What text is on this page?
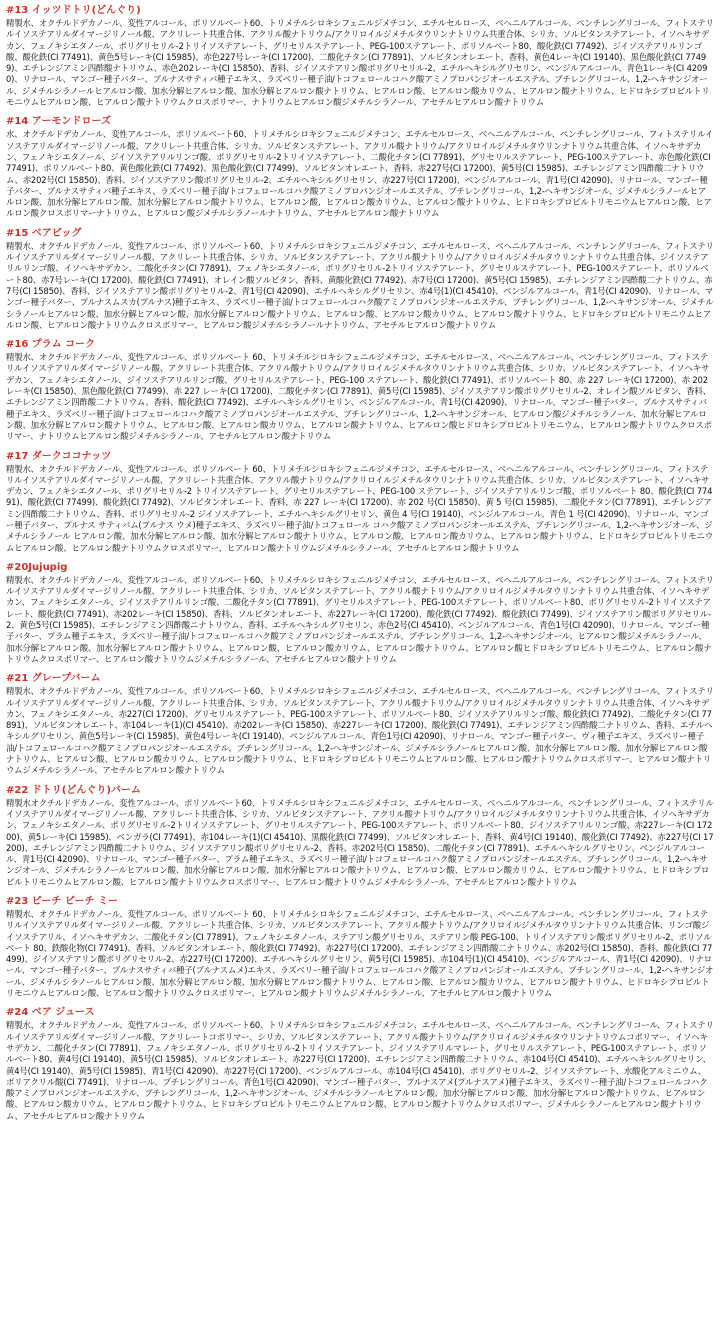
#13 イッツドトリ(どんぐり)

精製水、オクチルドデカノール、変性アルコール、ポリソルベート60、トリメチルシロキシフェニルジメチコン、エチルセルロース、ベヘニルアルコール、ペンチレングリコール、フィトステリルイソステアリルダイマージリノール酸、アクリレート共重合体、アクリル酸ナトリウム/アクリロイルジメチルタウリンナトリウム共重合体、シリカ、ソルビタンステアレート、イソヘキサデカン、フェノキシエタノール、ポリグリセリル-2トリイソステアレート、グリセリルステアレート、PEG-100ステアレート、ポリソルベート80、酸化鉄(CI 77492)、ジイソステアリルリンゴ酸、酸化鉄(CI 77491)、黄色5号レーキ(CI 15985)、赤色227号レーキ(CI 17200)、二酸化チタン(CI 77891)、ソルビタンオレエート、香料、黄色4レーキ(CI 19140)、黒色酸化鉄(CI 77499)、エチレンジアミン四酢酸ナトリウム、赤色202レーキ(CI 15850)、香料、ジイソステアリン酸ポリグリセリル-2、エチルヘキシルグリセリン、ベンジルアルコール、青色1レーキ(CI 42090)、リナロール、マンゴー種子バター、ブルナスサティバ種子エキス、ラズベリー種子油/トコフェロールコハク酸アミノプロパンジオールエステル、ブチレングリコール、1,2-ヘキサンジオール、ジメチルシラノールヒアルロン酸、加水分解ヒアルロン酸、加水分解ヒアルロン酸ナトリウム、ヒアルロン酸、ヒアルロン酸カリウム、ヒアルロン酸ナトリウム、ヒドロキシプロピルトリモニウムヒアルロン酸、ヒアルロン酸ナトリウムクロスポリマー、ナトリウムヒアルロン酸ジメチルシラノール、アセチルヒアルロン酸ナトリウム

#14 アーモンドローズ

水、オクチルドデカノール、変性アルコール、ポリソルベート60、トリメチルシロキシフェニルジメチコン、エチルセルロース、ベヘニルアルコール、ペンチレングリコール、フィトステリルイソステアリルダイマージリノール酸、アクリレート共重合体、シリカ、ソルビタンステアレート、アクリル酸ナトリウム/アクリロイルジメチルタウリンナトリウム共重合体、イソヘキサデカン、フェノキシエタノール、ジイソステアリルリンゴ酸、ポリグリセリル-2トリイソステアレート、二酸化チタン(CI 77891)、グリセリルステアレート、PEG-100ステアレート、赤色酸化鉄(CI 77491)、ポリソルベート80、黄色酸化鉄(CI 77492)、黒色酸化鉄(CI 77499)、ソルビタンオレエート、香料、赤227号(CI 17200)、黄5号(CI 15985)、エチレンジアミン四酢酸二ナトリウム、赤202号(CI 15850)、香料、ジイソステアリン酸ポリグリセリル-2、エチルヘキシルグリセリン、赤227号(CI 17200)、ベンジルアルコール、青1号(CI 42090)、リナロール、マンゴー種子バター、ブルナスサティバ種子エキス、ラズベリー種子油/トコフェロールコハク酸アミノプロパンジオールエステル、ブチレングリコール、1,2-ヘキサンジオール、ジメチルシラノールヒアルロン酸、加水分解ヒアルロン酸、加水分解ヒアルロン酸ナトリウム、ヒアルロン酸、ヒアルロン酸カリウム、ヒアルロン酸ナトリウム、ヒドロキシプロピルトリモニウムヒアルロン酸、ヒアルロン酸クロスポリマーナトリウム、ヒアルロン酸ジメチルシラノールナトリウム、アセチルヒアルロン酸ナトリウム

#15 ベアピッグ

精製水、オクチルドデカノール、変性アルコール、ポリソルベート60、トリメチルシロキシフェニルジメチコン、エチルセルロース、ベヘニルアルコール、ペンチレングリコール、フィトステリルイソステアリルダイマージリノール酸、アクリレート共重合体、シリカ、ソルビタンステアレート、アクリル酸ナトリウム/アクリロイルジメチルタウリンナトリウム共重合体、ジイソステアリルリンゴ酸、イソヘキサデカン、二酸化チタン(CI 77891)、フェノキシエタノール、ポリグリセリル-2トリイソステアレート、グリセリルステアレート、PEG-100ステアレート、ポリソルベート80、赤7号レーキ(CI 17200)、酸化鉄(CI 77491)、オレイン酸ソルビタン、香料、黄酸化鉄(CI 77492)、赤7号(CI 17200)、黄5号(CI 15985)、エチレンジアミン四酢酸二ナトリウム、赤7号(CI 15850)、香料、ジイソステアリン酸ポリグリセリル-2、青1号(CI 42090)、エチルヘキシルグリセリン、赤4号(1)(CI 45410)、ベンジルアルコール、青1号(CI 42090)、リナロール、マンゴー種子バター、プルナスムスカ(プルナス)種子エキス、ラズベリー種子油/トコフェロールコハク酸アミノプロパンジオールエステル、ブチレングリコール、1,2-ヘキサンジオール、ジメチルシラノールヒアルロン酸、加水分解ヒアルロン酸、加水分解ヒアルロン酸ナトリウム、ヒアルロン酸、ヒアルロン酸カリウム、ヒアルロン酸ナトリウム、ヒドロキシプロピルトリモニウムヒアルロン酸、ヒアルロン酸ナトリウムクロスポリマー、ヒアルロン酸ジメチルシラノールナトリウム、アセチルヒアルロン酸ナトリウム

#16 プラム コーク

精製水、オクチルドデカノール、変性アルコール、ポリソルベート 60、トリメチルシロキシフェニルジメチコン、エチルセルロース、ベヘニルアルコール、ペンチレングリコール、フィトステリルイソステアリルダイマージリノール酸、アクリレート共重合体、アクリル酸ナトリウム/アクリロイルジメチルタウリンナトリウム共重合体、シリカ、ソルビタンステアレート、イソヘキサデカン、フェノキシエタノール、ジイソステアリルリンゴ酸、グリセリルステアレート、PEG-100 ステアレート、酸化鉄(CI 77491)、ポリソルベート 80、赤 227 レーキ(CI 17200)、赤 202 レーキ(CI 15850)、黒色酸化鉄(CI 77499)、赤 227 レーキ(CI 17200)、二酸化チタン(CI 77891)、黄5号(CI 15985)、ジイソステアリン酸ポリグリセリル-2、オレイン酸ソルビタン、香料、エチレンジアミン四酢酸二ナトリウム、香料、酸化鉄(CI 77492)、エチルヘキシルグリセリン、ベンジルアルコール、青1号(CI 42090)、リナロール、マンゴー種子バター、ブルナスサティバ種子エキス、ラズベリー種子油/トコフェロールコハク酸アミノプロパンジオールエステル、ブチレングリコール、1,2-ヘキサンジオール、ヒアルロン酸ジメチルシラノール、加水分解ヒアルロン酸、加水分解ヒアルロン酸ナトリウム、ヒアルロン酸、ヒアルロン酸カリウム、ヒアルロン酸ナトリウム、ヒアルロン酸ヒドロキシプロピルトリモニウム、ヒアルロン酸ナトリウムクロスポリマー、ナトリウムヒアルロン酸ジメチルシラノール、アセチルヒアルロン酸ナトリウム

#17 ダークココナッツ

精製水、オクチルドデカノール、変性アルコール、ポリソルベート 60、トリメチルシロキシフェニルジメチコン、エチルセルロース、ベヘニルアルコール、ペンチレングリコール、フィトステリルイソステアリルダイマージリノール酸、アクリレート共重合体、アクリル酸ナトリウム/アクリロイルジメチルタウリンナトリウム共重合体、シリカ、ソルビタンステアレート、イソヘキサデカン、フェノキシエタノール、ポリグリセリル-2 トリイソステアレート、グリセリルステアレート、PEG-100 ステアレート、ジイソステアリルリンゴ酸、ポリソルベート 80、酸化鉄(CI 77491)、酸化鉄(CI 77499)、酸化鉄(CI 77492)、ソルビタンオレエート、香料、赤 227 レーキ(CI 17200)、赤 202 号(CI 15850)、黄 5 号(CI 15985)、二酸化チタン(CI 77891)、エチレンジアミン四酢酸二ナトリウム、香料、ポリグリセリル-2 ジイソステアレート、エチルヘキシルグリセリン、黄色 4 号(CI 19140)、ベンジルアルコール、青色 1 号(CI 42090)、リナロール、マンゴー種子バター、プルナス サティバム(プルナス ウメ)種子エキス、ラズベリー種子油/トコフェロール コハク酸アミノプロパンジオールエステル、ブチレングリコール、1,2-ヘキサンジオール、ジメチルシラノール ヒアルロン酸、加水分解ヒアルロン酸、加水分解ヒアルロン酸ナトリウム、ヒアルロン酸、ヒアルロン酸カリウム、ヒアルロン酸ナトリウム、ヒドロキシプロピルトリモニウムヒアルロン酸、ヒアルロン酸ナトリウムクロスポリマー、ヒアルロン酸ナトリウムジメチルシラノール、アセチルヒアルロン酸ナトリウム

#20Jujupig

精製水、オクチルドデカノール、変性アルコール、ポリソルベート60、トリメチルシロキシフェニルジメチコン、エチルセルロース、ベヘニルアルコール、ペンチレングリコール、フィトステリルイソステアリルダイマージリノール酸、アクリレート共重合体、シリカ、ソルビタンステアレート、アクリル酸ナトリウム/アクリロイルジメチルタウリンナトリウム共重合体、イソヘキサデカン、フェノキシエタノール、ジイソステアリルリンゴ酸、二酸化チタン(CI 77891)、グリセリルステアレート、PEG-100ステアレート、ポリソルベート80、ポリグリセリル-2トリイソステアレート、酸化鉄(CI 77491)、赤202レーキ(CI 15850)、香料、ソルビタンオレエート、赤227レーキ(CI 17200)、酸化鉄(CI 77492)、酸化鉄(CI 77499)、ジイソステアリン酸ポリグリセリル-2、黄色5号(CI 15985)、エチレンジアミン四酢酸ニナトリウム、香料、エチルヘキシルグリセリン、赤色2号(CI 45410)、ベンジルアルコール、青色1号(CI 42090)、リナロール、マンゴー種子バター、プラム種子エキス、ラズベリー種子油/トコフェロールコハク酸アミノプロパンジオールエステル、ブチレングリコール、1,2-ヘキサンジオール、ヒアルロン酸ジメチルシラノール、加水分解ヒアルロン酸、加水分解ヒアルロン酸ナトリウム、ヒアルロン酸、ヒアルロン酸カリウム、ヒアルロン酸ナトリウム、ヒアルロン酸ヒドロキシプロピルトリモニウム、ヒアルロン酸ナトリウムクロスポリマー、ヒアルロン酸ナトリウムジメチルシラノール、アセチルヒアルロン酸ナトリウム

#21 グレープバーム

精製水、オクチルドデカノール、変性アルコール、ポリソルベート60、トリメチルシロキシフェニルジメチコン、エチルセルロース、ベヘニルアルコール、ペンチレングリコール、フィトステリルイソステアリルダイマージリノール酸、アクリレート共重合体、シリカ、ソルビタンステアレート、アクリル酸ナトリウム/アクリロイルジメチルタウリンナトリウム共重合体、イソヘキサデカン、フェノキシエタノール、赤227(CI 17200)、グリセリルステアレート、PEG-100ステアレート、ポリソルベート80、ジイソステアリルリンゴ酸、酸化鉄(CI 77492)、二酸化チタン(CI 77891)、ソルビタンオレエート、赤104レーキ(1)(CI 45410)、赤202レーキ(CI 15850)、赤227レーキ(CI 17200)、酸化鉄(CI 77491)、エチレンジアミン四酢酸二ナトリウム、香料、エチルヘキシルグリセリン、黄色5号レーキ(CI 15985)、黄色4号レーキ(CI 19140)、ベンジルアルコール、青色1号(CI 42090)、リナロール、マンゴー種子バター、ヴィ種子エキス、ラズベリー種子油/トコフェロールコハク酸アミノプロパンジオールエステル、ブチレングリコール、1,2-ヘキサンジオール、ジメチルシラノールヒアルロン酸、加水分解ヒアルロン酸、加水分解ヒアルロン酸ナトリウム、ヒアルロン酸、ヒアルロン酸カリウム、ヒアルロン酸ナトリウム、ヒドロキシプロピルトリモニウムヒアルロン酸、ヒアルロン酸ナトリウムクロスポリマー、ヒアルロン酸ナトリウムジメチルシラノール、アセチルヒアルロン酸ナトリウム

#22 ドトリ(どんぐり)バーム

精製水オクチルドデカノール、変性アルコール、ポリソルベート60、トリメチルシロキシフェニルジメチコン、エチルセルロース、ベヘニルアルコール、ペンチレングリコール、フィトステリルイソステアリルダイマージリノール酸、アクリレート共重合体、シリカ、ソルビタンステアレート、アクリル酸ナトリウム/アクリロイルジメチルタウリンナトリウム共重合体、イソヘキサデカン、フェノキシエタノール、ポリグリセリル-2トリイソステアレート、グリセリルステアレート、PEG-100ステアレート、ポリソルベート80、ジイソステアリルリンゴ酸、赤227レーキ(CI 17200)、黄5レーキ(CI 15985)、ベンガラ(CI 77491)、赤104レーキ(1)(CI 45410)、黒酸化鉄(CI 77499)、ソルビタンオレエート、香料、黄4号(CI 19140)、酸化鉄(CI 77492)、赤227号(CI 17200)、エチレンジアミン四酢酸二ナトリウム、ジイソステアリン酸ポリグリセリル-2、香料、赤202号(CI 15850)、二酸化チタン(CI 77891)、エチルヘキシルグリセリン、ベンジルアルコール、青1号(CI 42090)、リナロール、マンゴー種子バター、プラム種子エキス、ラズベリー種子油/トコフェロールコハク酸アミノプロパンジオールエステル、ブチレングリコール、1,2-ヘキサンジオール、ジメチルシラノールヒアルロン酸、加水分解ヒアルロン酸、加水分解ヒアルロン酸ナトリウム、ヒアルロン酸、ヒアルロン酸カリウム、ヒアルロン酸ナトリウム、ヒドロキシプロピルトリモニウムヒアルロン酸、ヒアルロン酸ナトリウムクロスポリマー、ヒアルロン酸ナトリウムジメチルシラノール、アセチルヒアルロン酸ナトリウム

#23 ピーチ ピーチ ミー

精製水、オクチルドデカノール、変性アルコール、ポリソルベート 60、トリメチルシロキシフェニルジメチコン、エチルセルロース、ベヘニルアルコール、ペンチレングリコール、フィトステリルイソステアリルダイマージリノール酸、アクリレート共重合体、シリカ、ソルビタンステアレート、アクリル酸ナトリウム/アクリロイルジメチルタウリンナトリウム共重合体、リンゴ酸ジイソステアリル、イソヘキサデカン、二酸化チタン(CI 77891)、フェノキシエタノール、ステアリン酸グリセリル、ステアリン酸 PEG-100、トリイソステアリン酸ポリグリセリル-2、ポリソルベート 80、鉄酸化物(CI 77491)、香料、ソルビタンオレエート、酸化鉄(CI 77492)、赤227号(CI 17200)、エチレンジアミン四酢酸二ナトリウム、赤202号(CI 15850)、香料、酸化鉄(CI 77499)、ジイソステアリン酸ポリグリセリル-2、赤227号(CI 17200)、エチルヘキシルグリセリン、黄5号(CI 15985)、赤104号(1)(CI 45410)、ベンジルアルコール、青1号(CI 42090)、リナロール、マンゴー種子バター、ブルナスサティバ種子(ブルナスムメ)エキス、ラズベリー種子油/トコフェロールコハク酸アミノプロパンジオールエステル、ブチレングリコール、1,2-ヘキサンジオール、ジメチルシラノールヒアルロン酸、加水分解ヒアルロン酸、加水分解ヒアルロン酸ナトリウム、ヒアルロン酸、ヒアルロン酸カリウム、ヒアルロン酸ナトリウム、ヒドロキシプロピルトリモニウムヒアルロン酸、ヒアルロン酸ナトリウムクロスポリマー、ヒアルロン酸ナトリウムジメチルシラノール、アセチルヒアルロン酸ナトリウム

#24 ベア ジュース

精製水、オクチルドデカノール、変性アルコール、ポリソルベート60、トリメチルシロキシフェニルジメチコン、エチルセルロース、ベヘニルアルコール、ペンチレングリコール、フィトステリルイソステアリルダイマージリノール酸、アクリレートコポリマー、シリカ、ソルビタンステアレート、アクリル酸ナトリウム/アクリロイルジメチルタウリンナトリウムコポリマー、イソヘキサデカン、二酸化チタン(CI 77891)、フェノキシエタノール、ポリグリセリル-2トリイソステアレート、ジイソステアリルマレート、グリセリルステアレート、PEG-100ステアレート、ポリソルベート80、黄4号(CI 19140)、黄5号(CI 15985)、ソルビタンオレエート、赤227号(CI 17200)、エチレンジアミン四酢酸二ナトリウム、赤104号(CI 45410)、エチルヘキシルグリセリン、黄4号(CI 19140)、黄5号(CI 15985)、青1号(CI 42090)、赤227号(CI 17200)、ベンジルアルコール、赤104号(CI 45410)、ポリグリセリル-2、ジイソステアレート、水酸化アルミニウム、ポリアクリル酸(CI 77491)、リナロール、ブチレングリコール、青色1号(CI 42090)、マンゴー種子バター、プルナスアメ(プルナスアメ)種子エキス、ラズベリー種子油/トコフェロールコハク酸アミノプロパンジオールエステル、ブチレングリコール、1,2-ヘキサンジオール、ジメチルシラノールヒアルロン酸、加水分解ヒアルロン酸、加水分解ヒアルロン酸ナトリウム、ヒアルロン酸、ヒアルロン酸カリウム、ヒアルロン酸ナトリウム、ヒドロキシプロピルトリモニウムヒアルロン酸、ヒアルロン酸ナトリウムクロスポリマー、ジメチルシラノールヒアルロン酸ナトリウム、アセチルヒアルロン酸ナトリウム
